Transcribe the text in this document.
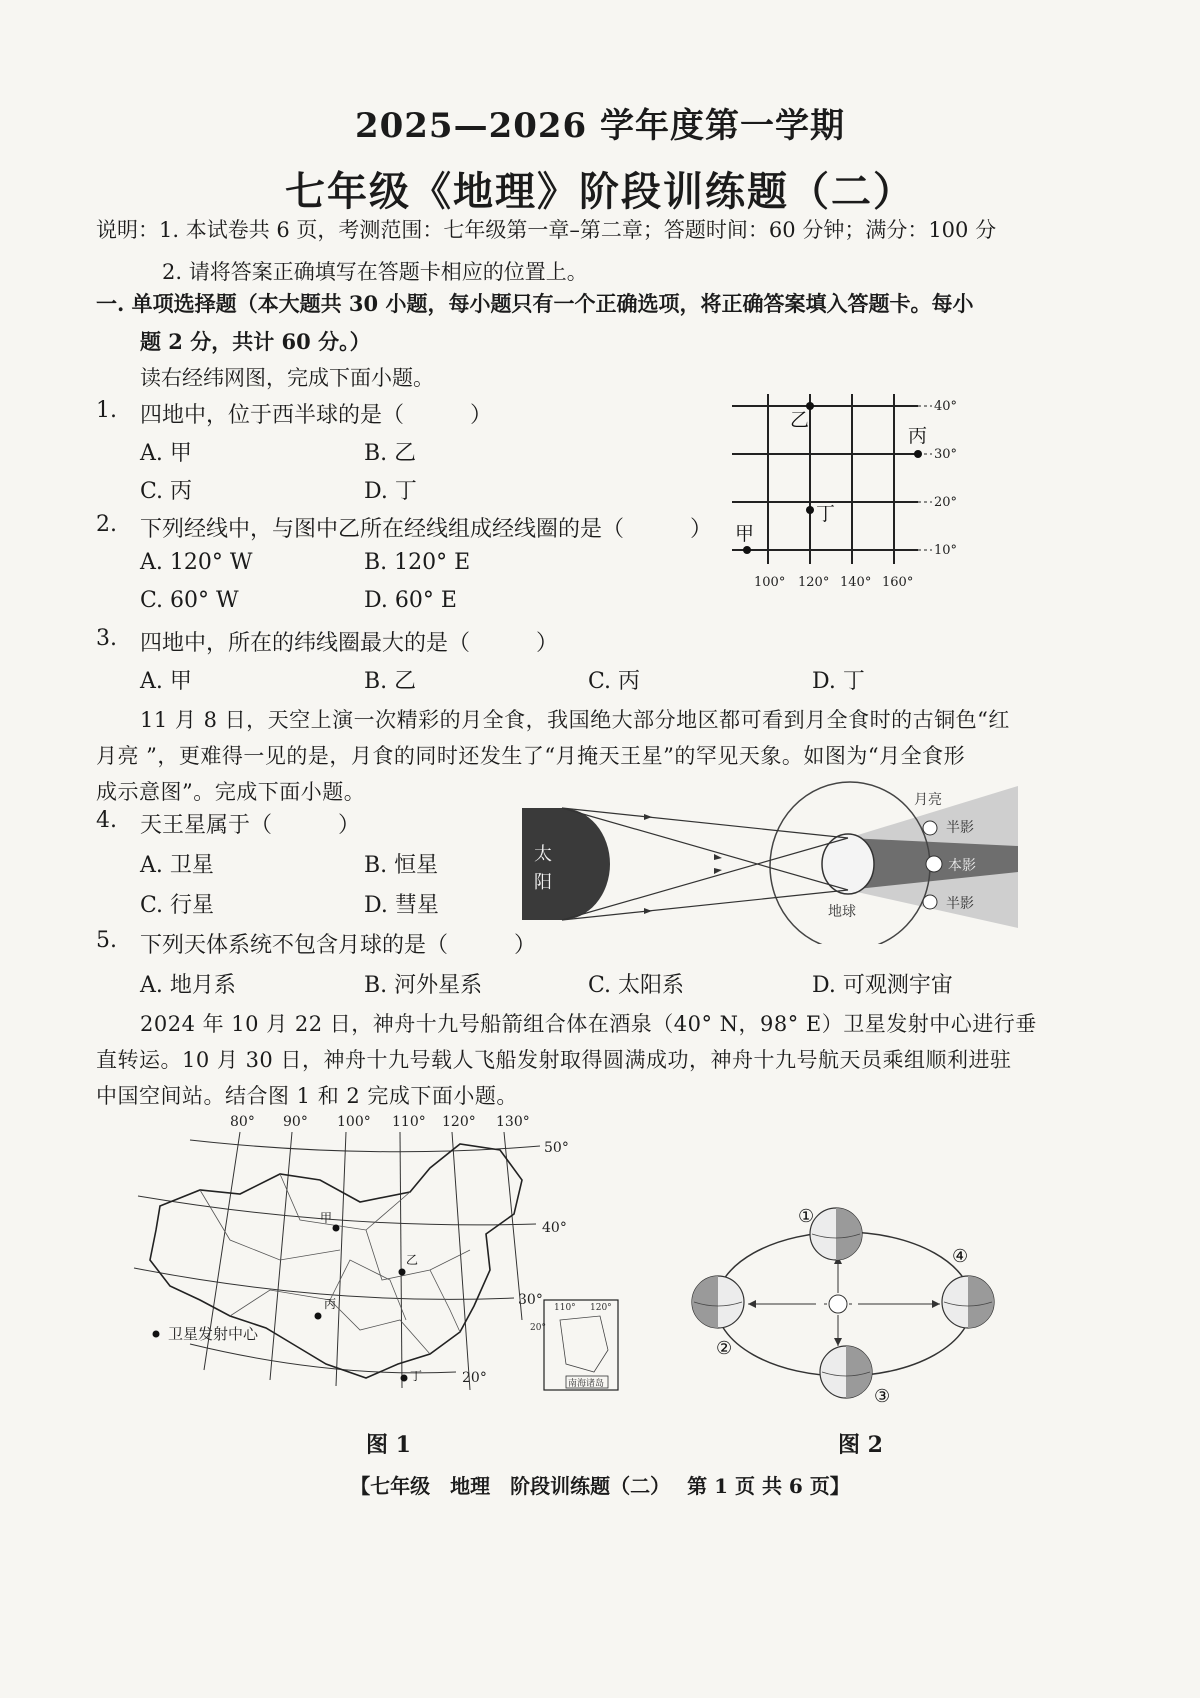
2025—2026 学年度第一学期
七年级《地理》阶段训练题（二）
说明：1. 本试卷共 6 页，考测范围：七年级第一章–第二章；答题时间：60 分钟；满分：100 分
2. 请将答案正确填写在答题卡相应的位置上。
一. 单项选择题（本大题共 30 小题，每小题只有一个正确选项，将正确答案填入答题卡。每小
题 2 分，共计 60 分。）
读右经纬网图，完成下面小题。
1. 四地中，位于西半球的是（　　　）
A. 甲	B. 乙
C. 丙	D. 丁
2. 下列经线中，与图中乙所在经线组成经线圈的是（　　　）
A. 120° W	B. 120° E
C. 60° W	D. 60° E
3. 四地中，所在的纬线圈最大的是（　　　）
A. 甲	B. 乙	C. 丙	D. 丁
11 月 8 日，天空上演一次精彩的月全食，我国绝大部分地区都可看到月全食时的古铜色“红
月亮 ”，更难得一见的是，月食的同时还发生了“月掩天王星”的罕见天象。如图为“月全食形
成示意图”。完成下面小题。
4. 天王星属于（　　　）
A. 卫星	B. 恒星
C. 行星	D. 彗星
5. 下列天体系统不包含月球的是（　　　）
A. 地月系	B. 河外星系	C. 太阳系	D. 可观测宇宙
2024 年 10 月 22 日，神舟十九号船箭组合体在酒泉（40° N，98° E）卫星发射中心进行垂
直转运。10 月 30 日，神舟十九号载人飞船发射取得圆满成功，神舟十九号航天员乘组顺利进驻
中国空间站。结合图 1 和 2 完成下面小题。
40°
30°
20°
10°
100° 120° 140° 160°
甲
乙
丙
丁
太
阳
地球
月亮
半影
本影
半影
80° 90° 100° 110° 120° 130°
50°
40°
30°
20°
甲
乙
丙
丁
卫星发射中心
110° 120°
20°
南海诸岛
图 1
①
②
③
④
图 2
【七年级　地理　阶段训练题（二）　 第 1 页 共 6 页】
